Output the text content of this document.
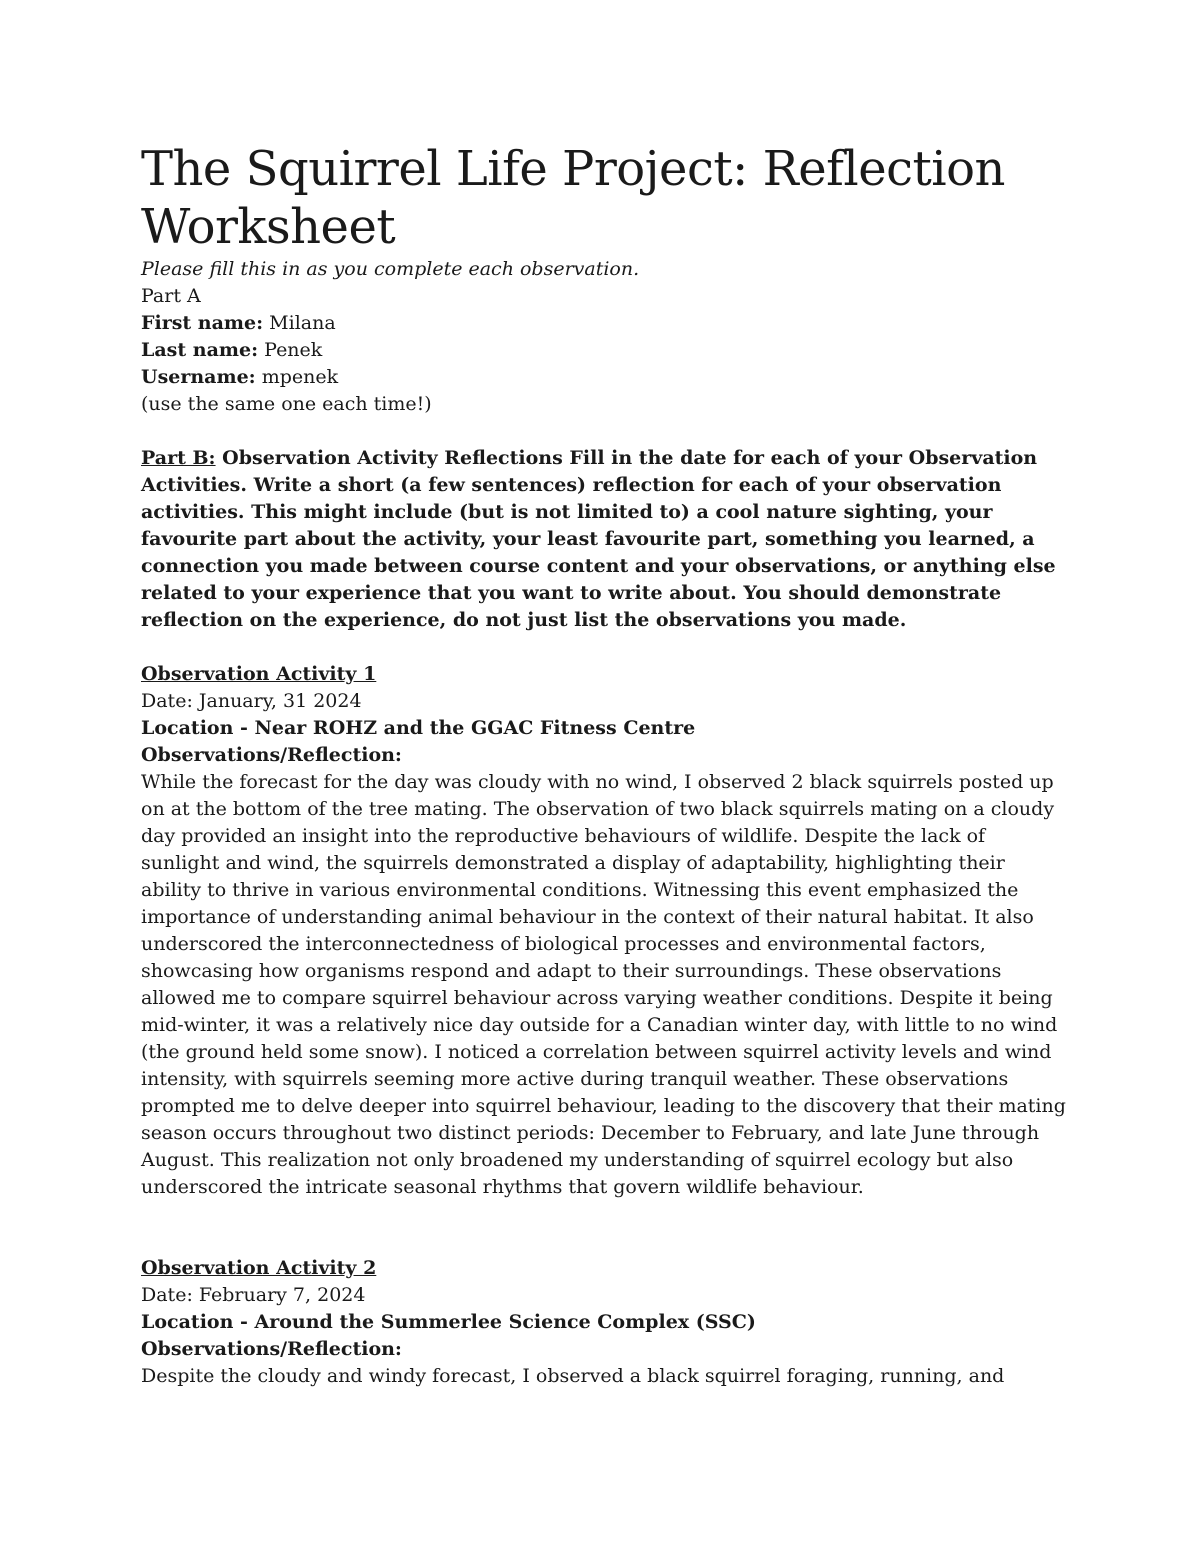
The Squirrel Life Project: Reflection Worksheet

Please fill this in as you complete each observation.

Part A

First name: Milana

Last name: Penek

Username: mpenek

(use the same one each time!)

Part B: Observation Activity Reflections Fill in the date for each of your Observation Activities. Write a short (a few sentences) reflection for each of your observation activities. This might include (but is not limited to) a cool nature sighting, your favourite part about the activity, your least favourite part, something you learned, a connection you made between course content and your observations, or anything else related to your experience that you want to write about. You should demonstrate reflection on the experience, do not just list the observations you made.

Observation Activity 1

Date: January, 31 2024

Location - Near ROHZ and the GGAC Fitness Centre

Observations/Reflection:

While the forecast for the day was cloudy with no wind, I observed 2 black squirrels posted up on at the bottom of the tree mating. The observation of two black squirrels mating on a cloudy day provided an insight into the reproductive behaviours of wildlife. Despite the lack of sunlight and wind, the squirrels demonstrated a display of adaptability, highlighting their ability to thrive in various environmental conditions. Witnessing this event emphasized the importance of understanding animal behaviour in the context of their natural habitat. It also underscored the interconnectedness of biological processes and environmental factors, showcasing how organisms respond and adapt to their surroundings. These observations allowed me to compare squirrel behaviour across varying weather conditions. Despite it being mid-winter, it was a relatively nice day outside for a Canadian winter day, with little to no wind (the ground held some snow). I noticed a correlation between squirrel activity levels and wind intensity, with squirrels seeming more active during tranquil weather. These observations prompted me to delve deeper into squirrel behaviour, leading to the discovery that their mating season occurs throughout two distinct periods: December to February, and late June through August. This realization not only broadened my understanding of squirrel ecology but also underscored the intricate seasonal rhythms that govern wildlife behaviour.

Observation Activity 2

Date: February 7, 2024

Location - Around the Summerlee Science Complex (SSC)

Observations/Reflection:

Despite the cloudy and windy forecast, I observed a black squirrel foraging, running, and
